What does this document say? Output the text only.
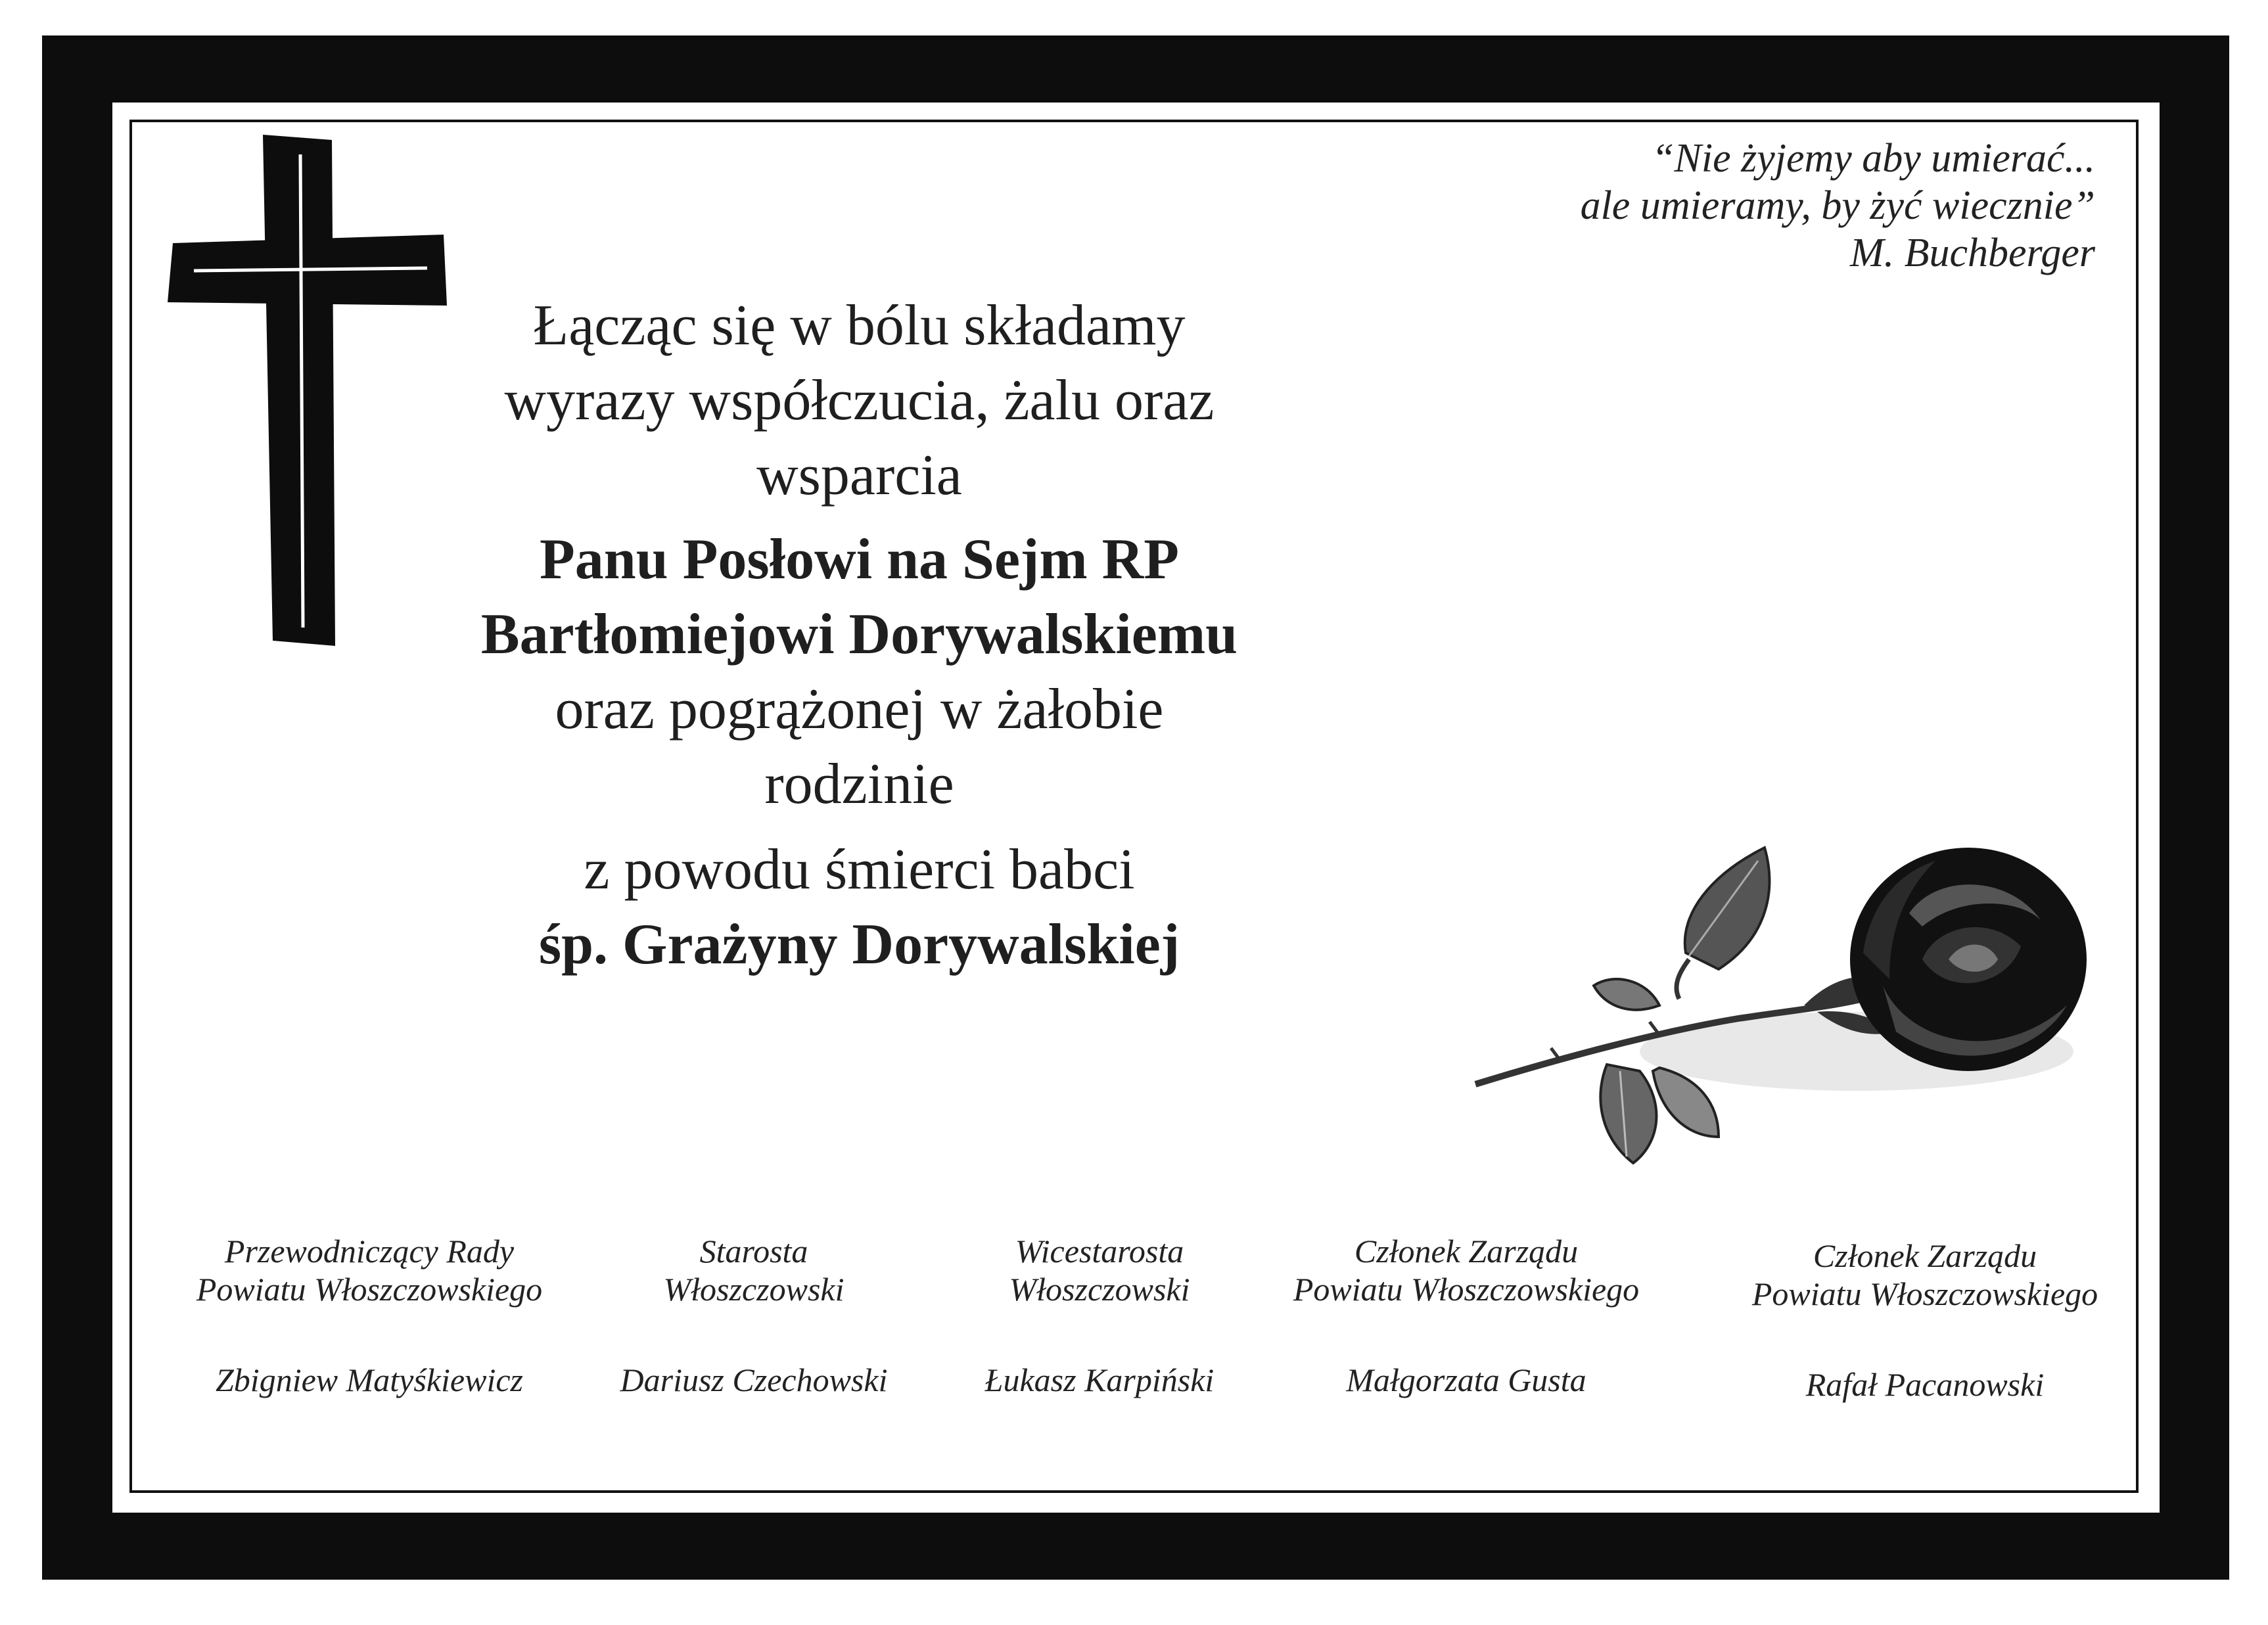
“Nie żyjemy aby umierać...
ale umieramy, by żyć wiecznie”
M. Buchberger
Łącząc się w bólu składamy
wyrazy współczucia, żalu oraz wsparcia
Panu Posłowi na Sejm RP
Bartłomiejowi Dorywalskiemu
oraz pogrążonej w żałobie rodzinie
z powodu śmierci babci
śp. Grażyny Dorywalskiej
Przewodniczący Rady
Powiatu Włoszczowskiego
Zbigniew Matyśkiewicz
Starosta
Włoszczowski
Dariusz Czechowski
Wicestarosta
Włoszczowski
Łukasz Karpiński
Członek Zarządu
Powiatu Włoszczowskiego
Małgorzata Gusta
Członek Zarządu
Powiatu Włoszczowskiego
Rafał Pacanowski
